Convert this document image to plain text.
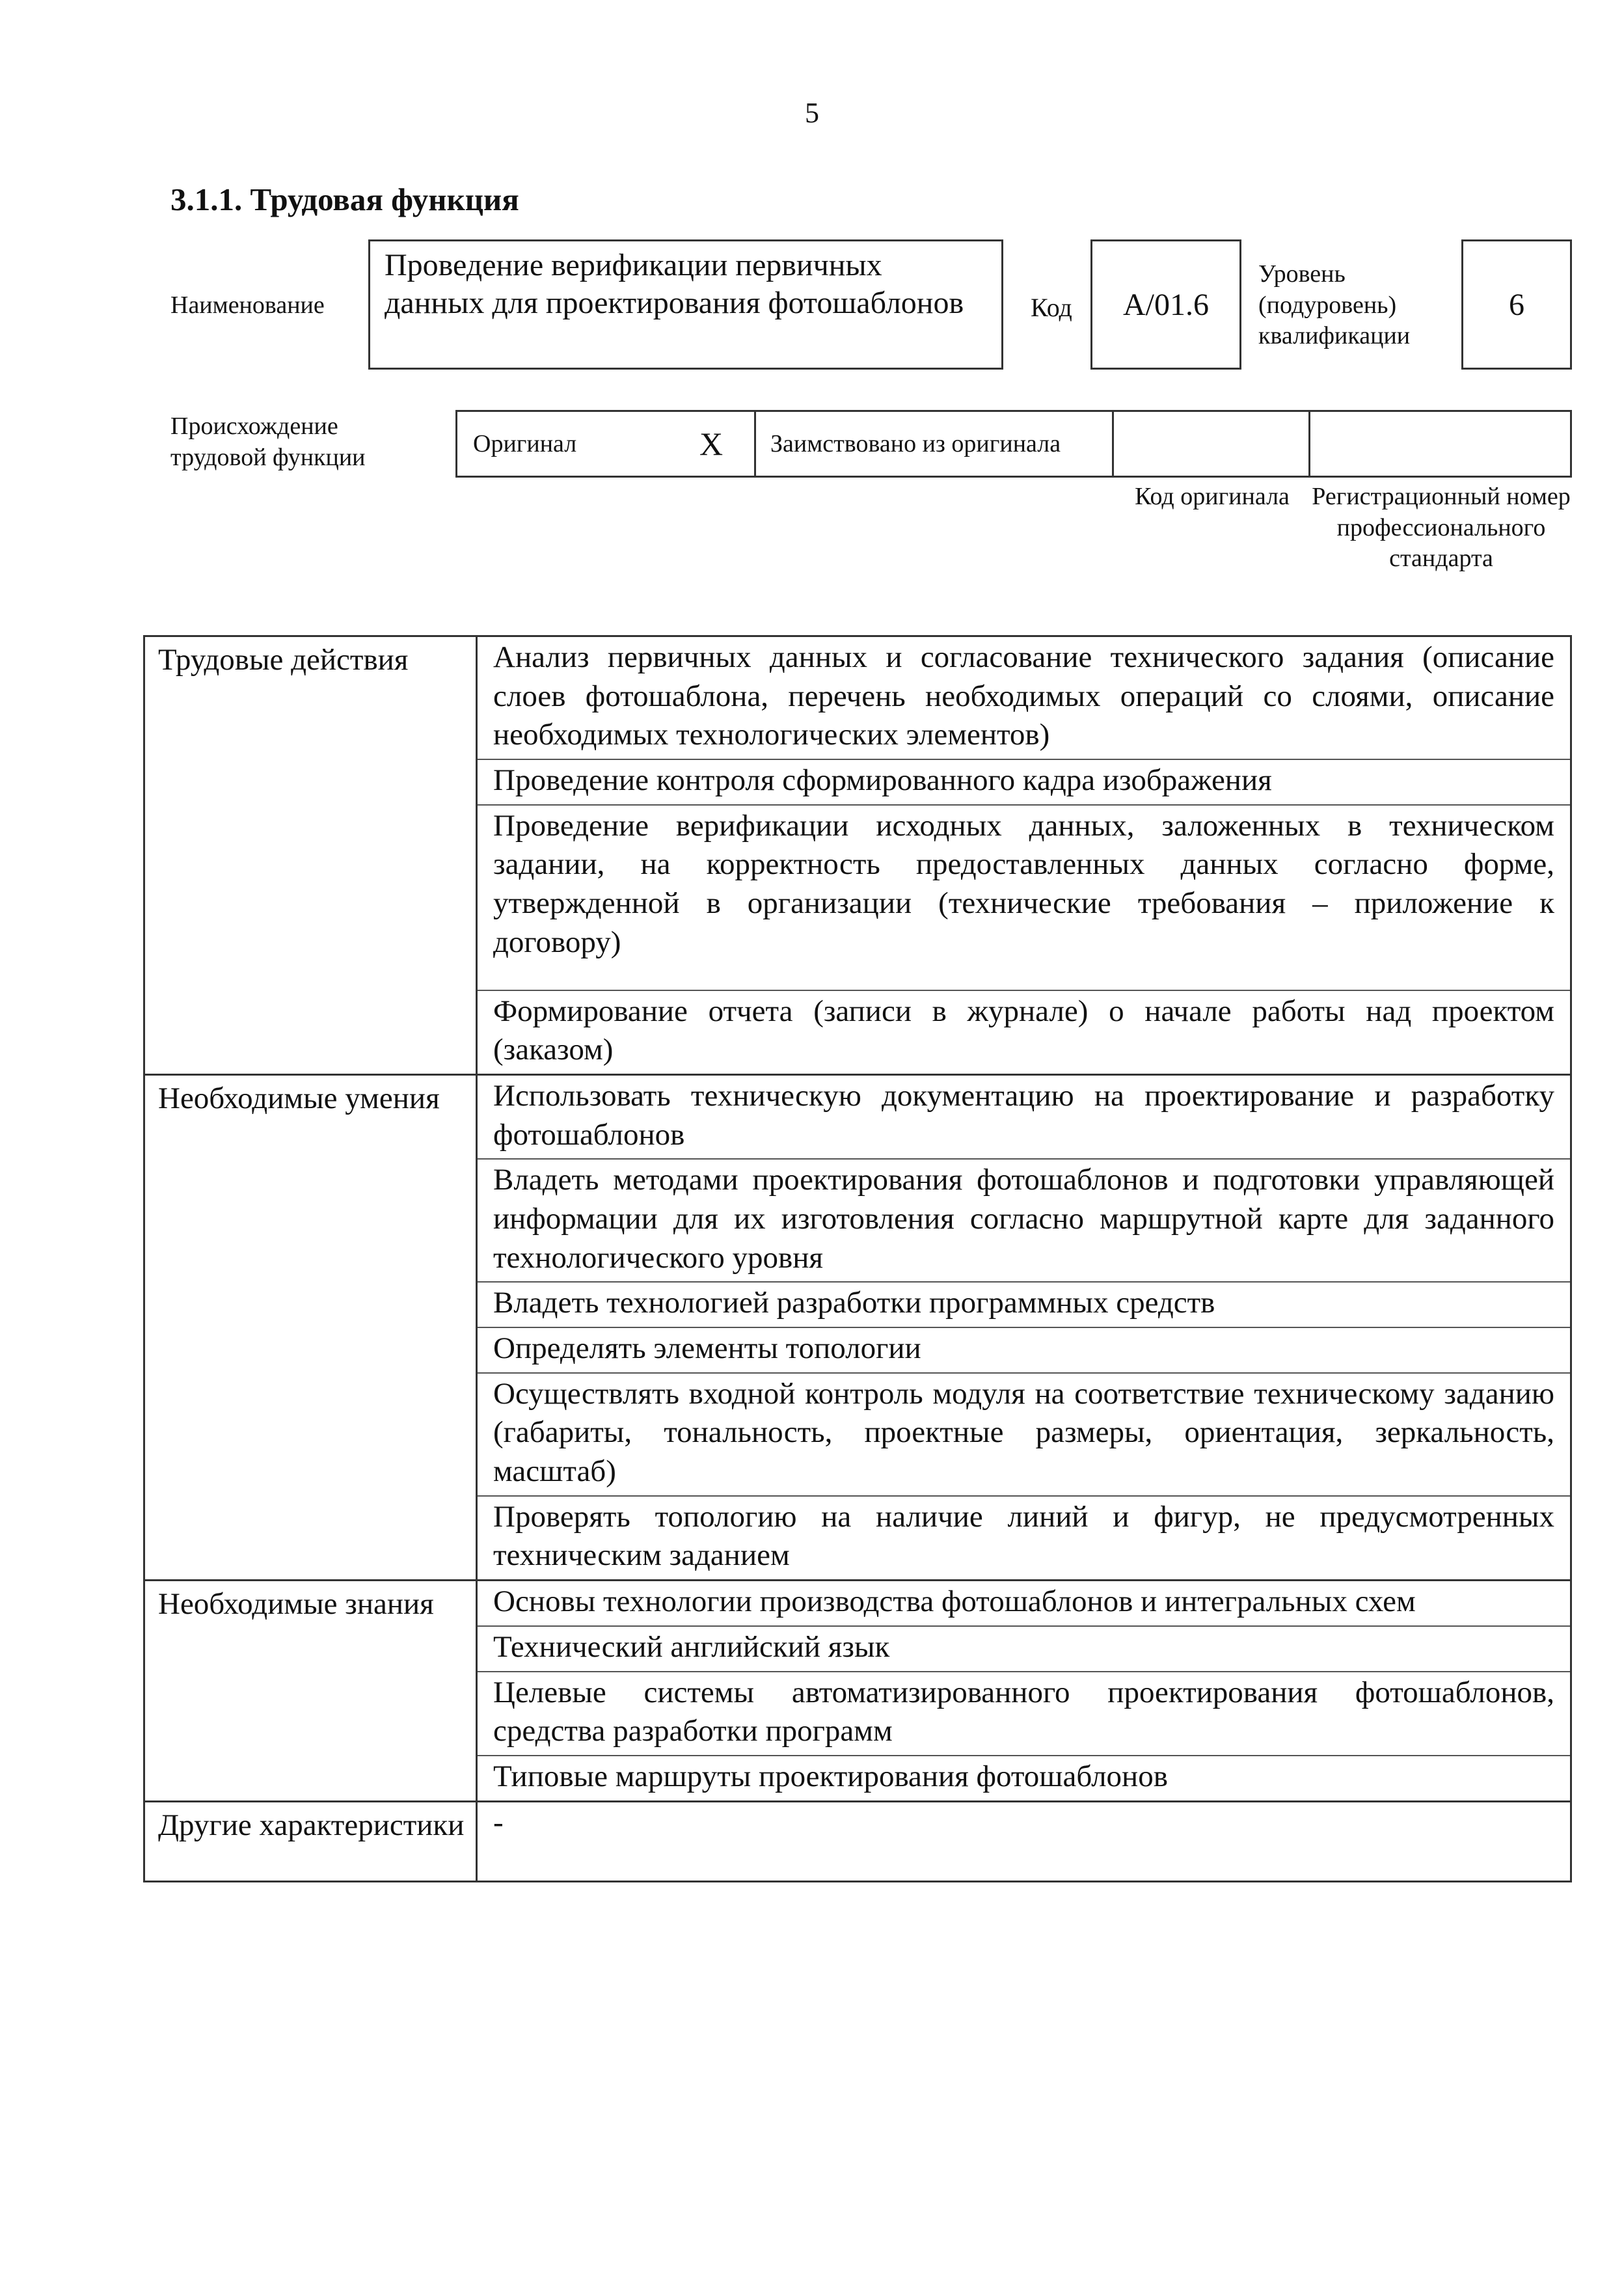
5
3.1.1. Трудовая функция
Наименование
Проведение верификации первичных данных для проектирования фотошаблонов	Код	A/01.6
Уровень (подуровень) квалификации
6
Происхождение трудовой функции	Оригинал	X Заимствовано из оригинала
Код оригинала Регистрационный номер профессионального стандарта
Трудовые действия	Анализ первичных данных и согласование технического задания (описание слоев фотошаблона, перечень необходимых операций со слоями, описание необходимых технологических элементов)
	Проведение контроля сформированного кадра изображения
	Проведение верификации исходных данных, заложенных в техническом задании, на корректность предоставленных данных согласно форме, утвержденной в организации (технические требования – приложение к договору)
	Формирование отчета (записи в журнале) о начале работы над проектом (заказом)
Необходимые умения	Использовать техническую документацию на проектирование и разработку фотошаблонов
	Владеть методами проектирования фотошаблонов и подготовки управляющей информации для их изготовления согласно маршрутной карте для заданного технологического уровня
	Владеть технологией разработки программных средств
	Определять элементы топологии
	Осуществлять входной контроль модуля на соответствие техническому заданию (габариты, тональность, проектные размеры, ориентация, зеркальность, масштаб)
	Проверять топологию на наличие линий и фигур, не предусмотренных техническим заданием
Необходимые знания	Основы технологии производства фотошаблонов и интегральных схем
	Технический английский язык
	Целевые системы автоматизированного проектирования фотошаблонов, средства разработки программ
	Типовые маршруты проектирования фотошаблонов
Другие характеристики	-
